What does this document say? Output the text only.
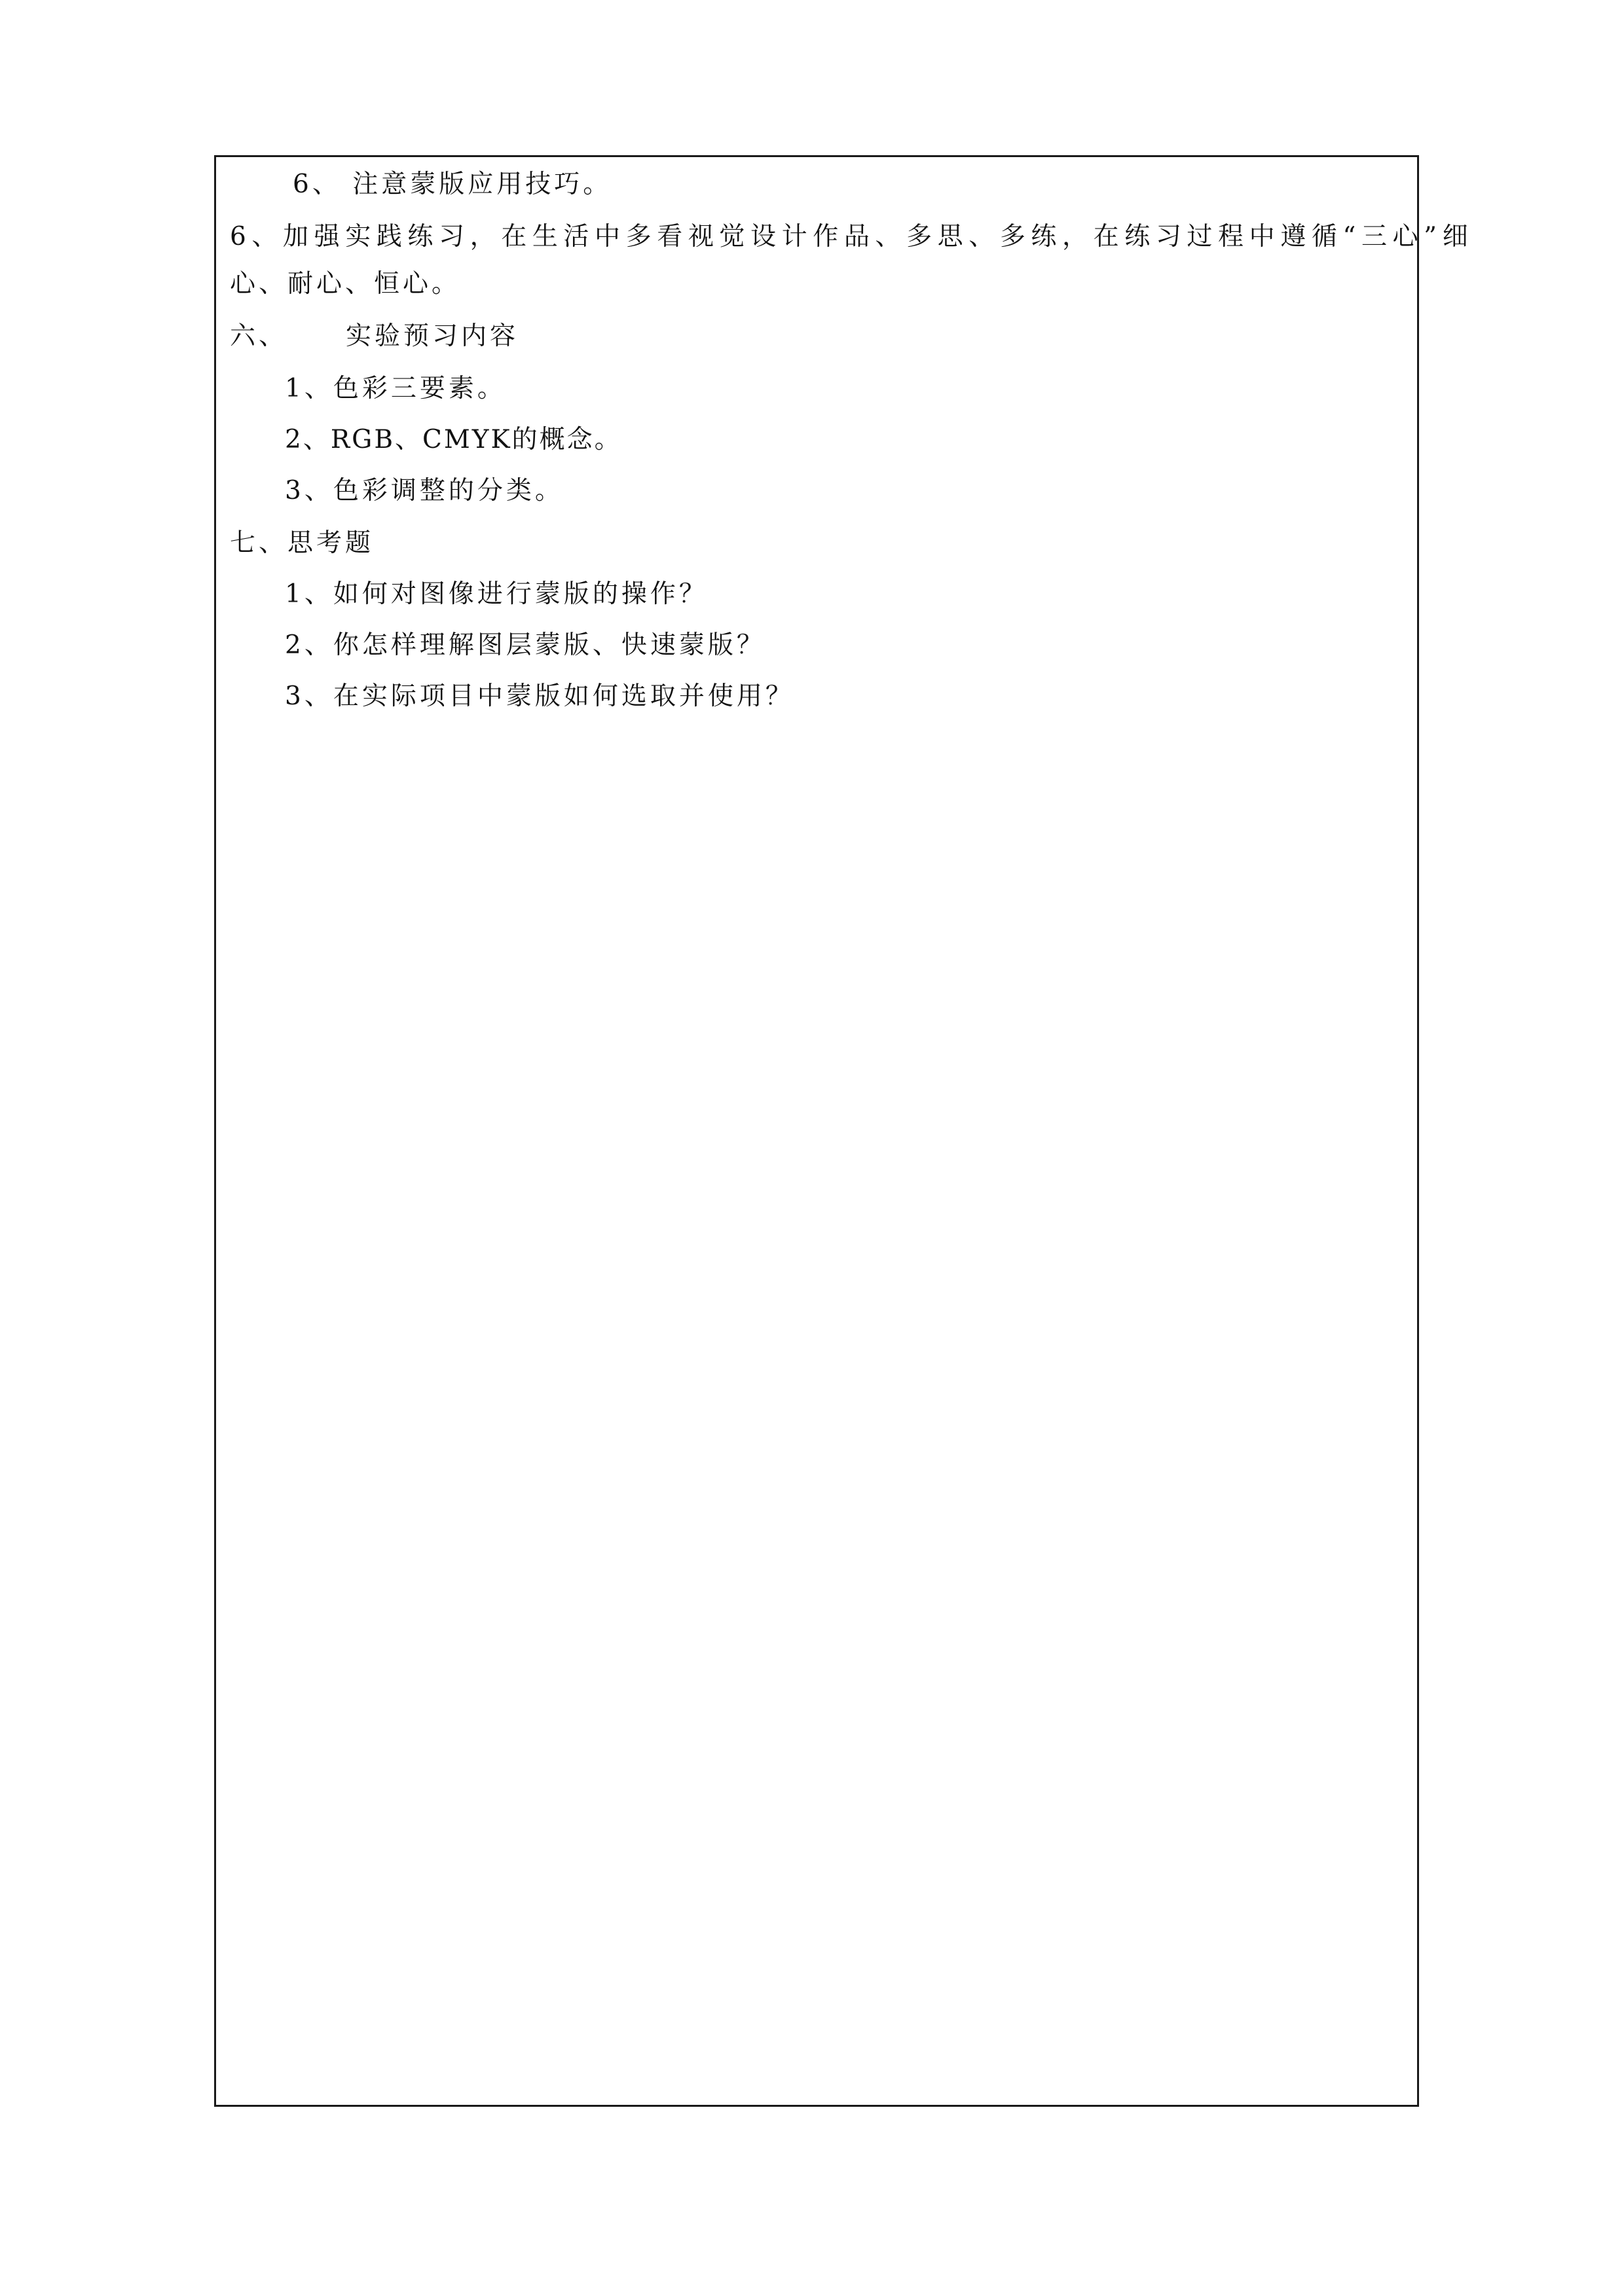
6、 注意蒙版应用技巧。
6、加强实践练习，在生活中多看视觉设计作品、多思、多练，在练习过程中遵循“三心”细
心、耐心、恒心。
六、 实验预习内容
1、色彩三要素。
2、RGB、CMYK的概念。
3、色彩调整的分类。
七、思考题
1、如何对图像进行蒙版的操作？
2、你怎样理解图层蒙版、快速蒙版？
3、在实际项目中蒙版如何选取并使用？
